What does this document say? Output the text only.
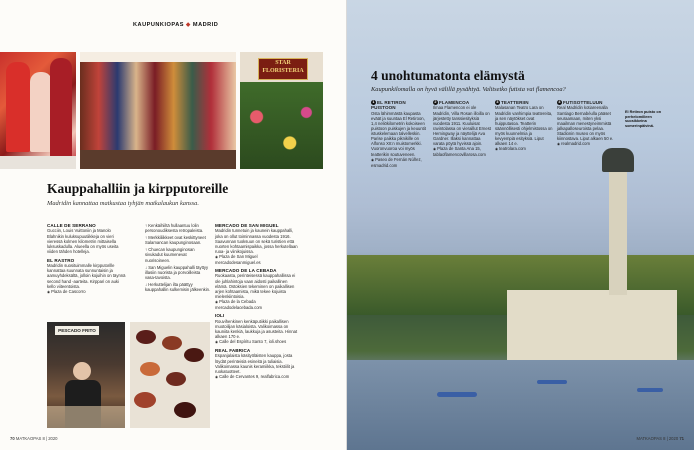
KAUPUNKIOPAS ◆ MADRID
STAR
FLORISTERIA
Kauppahalliin ja kirpputoreille
Madridin kannattaa matkustaa tyhjän matkalaukun kanssa.
CALLE DE SERRANO
Gucciin, Louis Vuittoniin ja Manolo Blahnikin kuluksupuutiikkeja on vieri vieressä kolmen kilometrin mittaisella luksuskadulla. Alueella on myös useita viiden tähden hotelleja.
EL RASTRO
Madridin suosituimmalle kirpputorille kannattaa suunnata sunnuntaisin ja aamuyhdeksältä, jolloin kojuihin on täynnä second hand -aarteita. Kirppari on auki kello viiteentoista.
◉ Plaza de Cascorro
↑ Kenkäihiiltä hullaantuu lolin personoudiksesta retropaleista.
↑ Merkkiliikkeet ovat keskittyneet Salamancan kaupunginosaan.
↑ Chuecan kaupunginosan sivukadut kuumenevat nuorisoineen.
↓ San Miguelin kauppahalli täyttyy illasiin nuorista ja porvoilleista vasa-tavoista.
↓ Herkuttelijan ilta päättyy kauppahallin sulkemisin jälkeenkin.
MERCADO DE SAN MIGUEL
Madridin tunnetuin ja kaunein kauppahalli, joka on ollut toiminnassa vuodesta 1916. Saavunnan tuoksuun on sekä turistien että nuorten kohtaamispaikka, jossa herkutellaan ruoa- ja viinikojuissa.
◉ Plaza de San Miguel
mercadodesanmiguel.es
MERCADO DE LA CEBADA
Ruokaasta, perinteisessä kauppahallissa ei ole juhlahintoja vaan aidosti paikallinen elämä. Ostoksien tekeminen on paikallisen arjen kohtaamista, mikä tekee kojuista mielenkiintoisia.
◉ Plaza de la Cebada
mercadodelacebada.com
IOLI
Rouvihenkinen kenkäputiikki paikallisen muotoilijan käsialoista. Valikoimassa on kauniita kenkiä, laukkuja ja asusteita. Hinnat alkaen 170 e.
◉ Calle del Espíritu Santo 7, ioli.shoes
REAL FABRICA
Espanjalaista käsityöläisten kauppa, josta löydät perinteisiä esineitä ja tuliaisia. Valikoimassa kaunis keramiikka, tekstiilit ja ruokatuotteet.
◉ Calle de Cervantes 9, realfabrica.com
PESCADO FRITO
70 MATKAOPAS 8 | 2020
4 unohtumatonta elämystä
Kaupunkilomalla on hyvä välillä pysähtyä. Valitsetko futista vai flamencoa?
1 EL RETIRON PUISTOON
Osta lähimmästä kaupasta eväät ja suuntaa El Retiroon, 1,4 neliökilometrin kokoiseen puistoon puiskujen ja keuuntit istuskelemaan talvelleskin. Parise paikka piknikille on Alfonso XII:n muistomerkki. Vuoronvuoroa voi myös teatterikin soutuveneen.
◉ Paseo de Fernán Núñez, esmadrid.com
2 FLAMENCOA
Ilmaa Flamencon ei ole Madridin, Villa Rosan illoilla on järjestetty tanssiesityksiä vuodesta 1911. Kuuluisat ravintolassa on vieraillut Ernest Hemingway ja näyttelijä Ava Gardner. Illaksi kannattaa varata pöytä hyvissä ajoin.
◉ Plaza de Santa Ana 15, tablaoflamencovillarosa.com
3 TEATTERIIN
Malasanan Teatro Lara on Madridin vanhimpia teattereita, ja sen näytökset ovat huipputasoa. Teatterin säännöllisesti ohjelmistossa on myös kuunnelmia ja kevyempiä esityksiä. Liput alkaen 14 e.
◉ teatrolara.com
4 FUTISOTTELUUN
Real Madridin kotiareenalla Santiago Bernabéulla pääset seuraamaan, miten yksi maailman menestyneimmistä jalkapalloseuroista pelaa. Stadionin museo on myös kiinnostava. Liput alkaen 50 e.
◉ realmadrid.com
El Retiron puisto on perhelomilleen suosikkeina somerinpäivinä.
MATKAOPAS 8 | 2020 71
